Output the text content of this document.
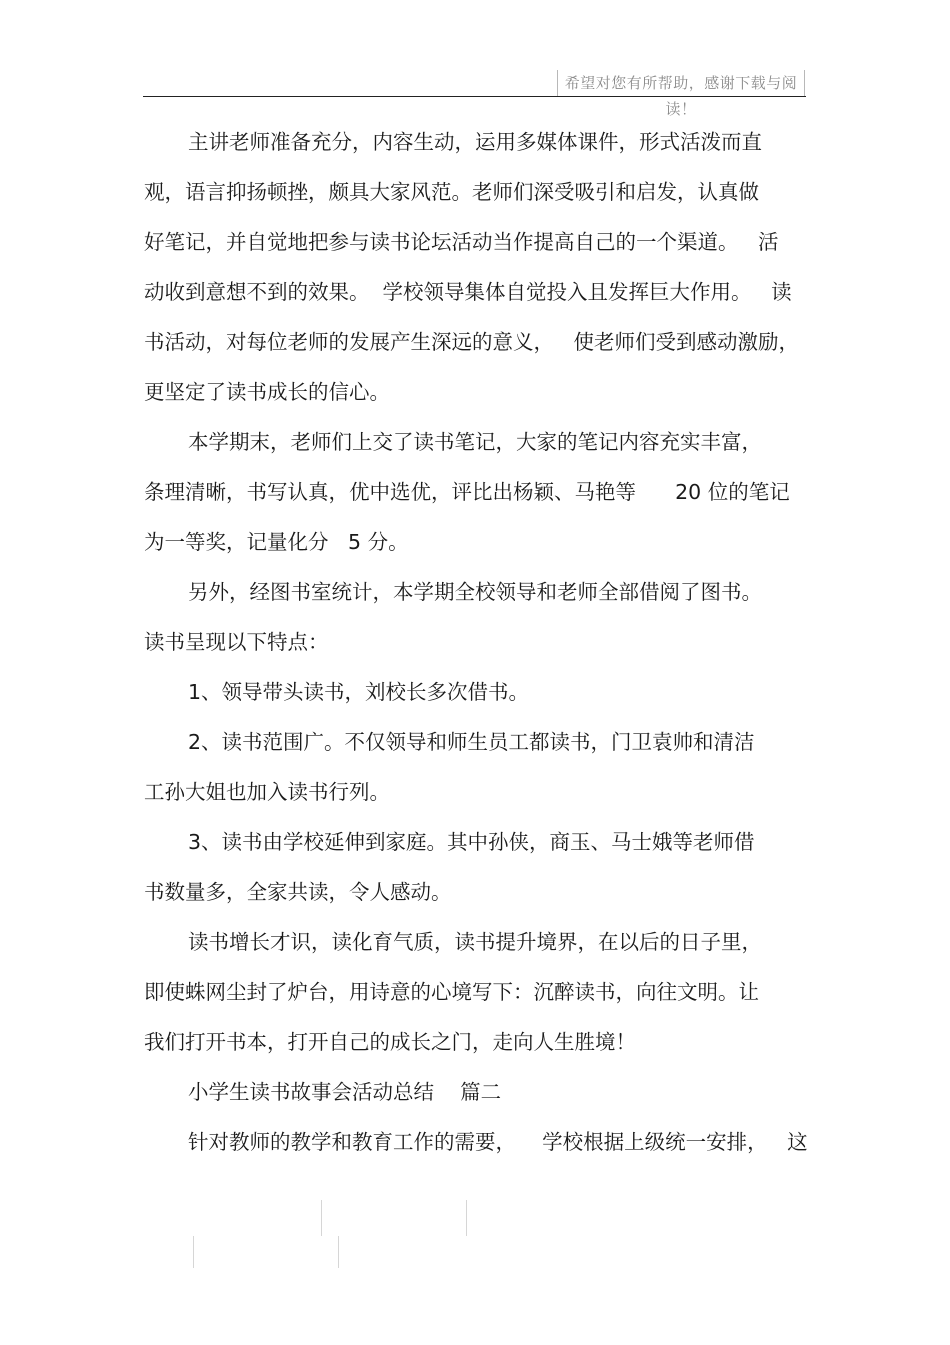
希望对您有所帮助，感谢下载与阅读！
主讲老师准备充分，内容生动，运用多媒体课件，形式活泼而直
观，语言抑扬顿挫，颇具大家风范。老师们深受吸引和启发，认真做
好笔记，并自觉地把参与读书论坛活动当作提高自己的一个渠道。   活
动收到意想不到的效果。  学校领导集体自觉投入且发挥巨大作用。   读
书活动，对每位老师的发展产生深远的意义，   使老师们受到感动激励，
更坚定了读书成长的信心。
本学期末，老师们上交了读书笔记，大家的笔记内容充实丰富，
条理清晰，书写认真，优中选优，评比出杨颖、马艳等      20 位的笔记
为一等奖，记量化分   5 分。
另外，经图书室统计，本学期全校领导和老师全部借阅了图书。
读书呈现以下特点：
1、领导带头读书，刘校长多次借书。
2、读书范围广。不仅领导和师生员工都读书，门卫袁帅和清洁
工孙大姐也加入读书行列。
3、读书由学校延伸到家庭。其中孙侠，商玉、马士娥等老师借
书数量多，全家共读，令人感动。
读书增长才识，读化育气质，读书提升境界，在以后的日子里，
即使蛛网尘封了炉台，用诗意的心境写下：沉醉读书，向往文明。让
我们打开书本，打开自己的成长之门，走向人生胜境！
小学生读书故事会活动总结    篇二
针对教师的教学和教育工作的需要，    学校根据上级统一安排，   这
